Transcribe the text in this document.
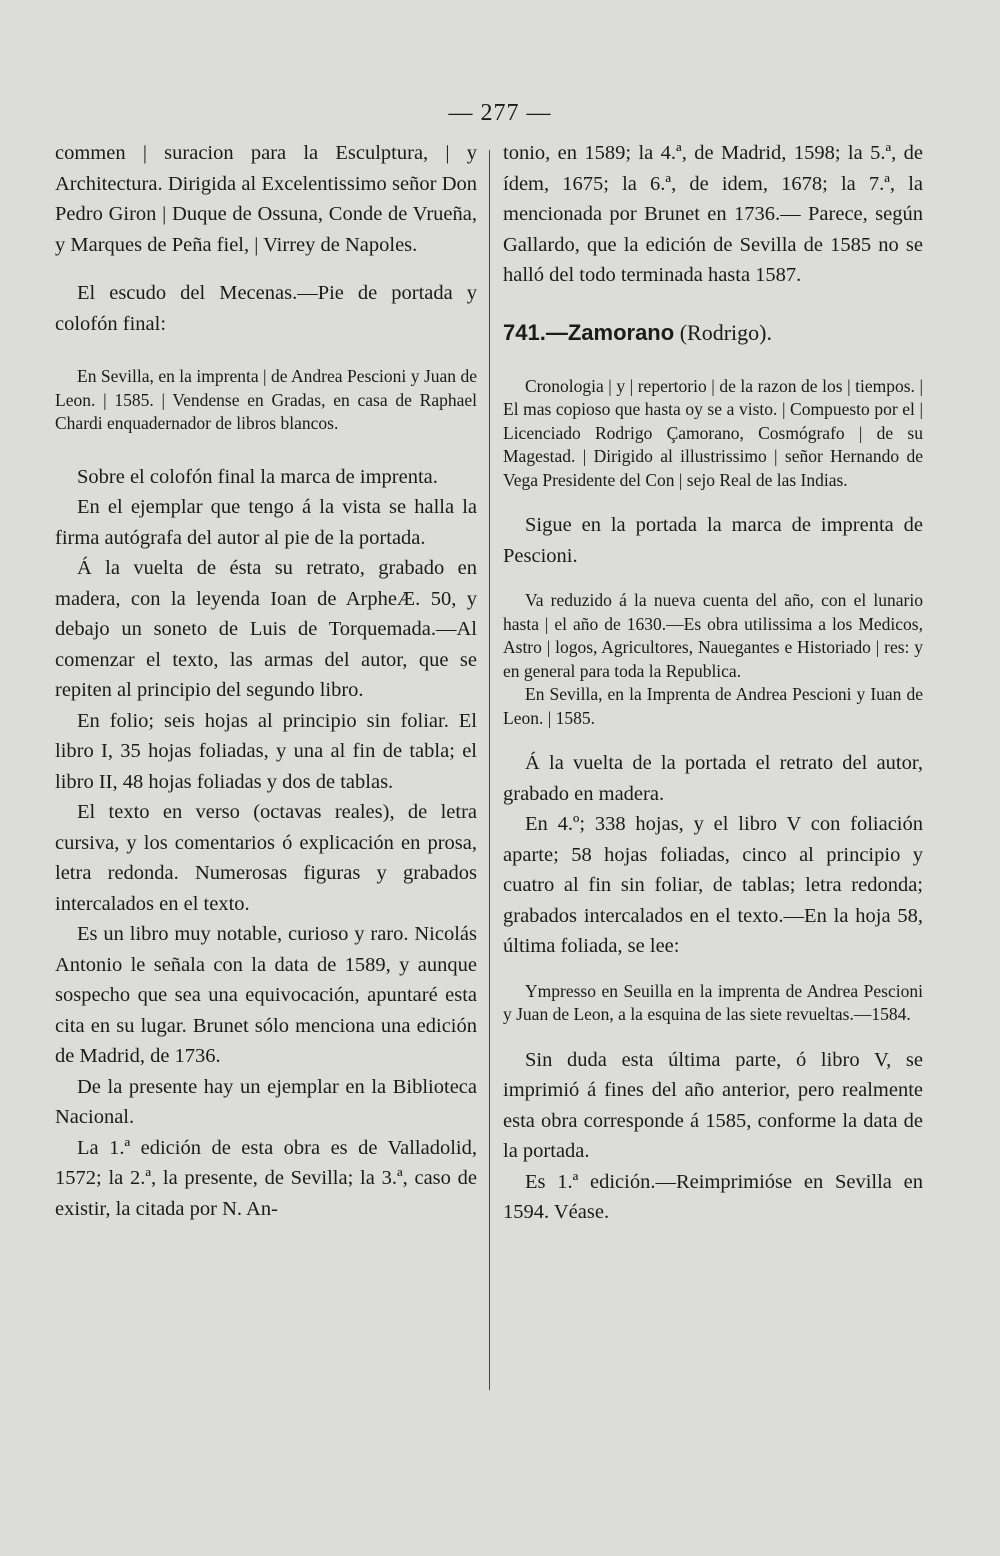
— 277 —

commen | suracion para la Esculptura, | y Architectura. Dirigida al Excelentissimo señor Don Pedro Giron | Duque de Ossuna, Conde de Vrueña, y Marques de Peña fiel, | Virrey de Napoles.

El escudo del Mecenas.—Pie de portada y colofón final:

En Sevilla, en la imprenta | de Andrea Pescioni y Juan de Leon. | 1585. | Vendense en Gradas, en casa de Raphael Chardi enquadernador de libros blancos.

Sobre el colofón final la marca de imprenta.

En el ejemplar que tengo á la vista se halla la firma autógrafa del autor al pie de la portada.

Á la vuelta de ésta su retrato, grabado en madera, con la leyenda Ioan de ArpheÆ. 50, y debajo un soneto de Luis de Torquemada.—Al comenzar el texto, las armas del autor, que se repiten al principio del segundo libro.

En folio; seis hojas al principio sin foliar. El libro I, 35 hojas foliadas, y una al fin de tabla; el libro II, 48 hojas foliadas y dos de tablas.

El texto en verso (octavas reales), de letra cursiva, y los comentarios ó explicación en prosa, letra redonda. Numerosas figuras y grabados intercalados en el texto.

Es un libro muy notable, curioso y raro. Nicolás Antonio le señala con la data de 1589, y aunque sospecho que sea una equivocación, apuntaré esta cita en su lugar. Brunet sólo menciona una edición de Madrid, de 1736.

De la presente hay un ejemplar en la Biblioteca Nacional.

La 1.ª edición de esta obra es de Valladolid, 1572; la 2.ª, la presente, de Sevilla; la 3.ª, caso de existir, la citada por N. An-

tonio, en 1589; la 4.ª, de Madrid, 1598; la 5.ª, de ídem, 1675; la 6.ª, de idem, 1678; la 7.ª, la mencionada por Brunet en 1736.— Parece, según Gallardo, que la edición de Sevilla de 1585 no se halló del todo terminada hasta 1587.

741.—Zamorano (Rodrigo).

Cronologia | y | repertorio | de la razon de los | tiempos. | El mas copioso que hasta oy se a visto. | Compuesto por el | Licenciado Rodrigo Çamorano, Cosmógrafo | de su Magestad. | Dirigido al illustrissimo | señor Hernando de Vega Presidente del Con | sejo Real de las Indias.

Sigue en la portada la marca de imprenta de Pescioni.

Va reduzido á la nueva cuenta del año, con el lunario hasta | el año de 1630.—Es obra utilissima a los Medicos, Astro | logos, Agricultores, Nauegantes e Historiado | res: y en general para toda la Republica.

En Sevilla, en la Imprenta de Andrea Pescioni y Iuan de Leon. | 1585.

Á la vuelta de la portada el retrato del autor, grabado en madera.

En 4.º; 338 hojas, y el libro V con foliación aparte; 58 hojas foliadas, cinco al principio y cuatro al fin sin foliar, de tablas; letra redonda; grabados intercalados en el texto.—En la hoja 58, última foliada, se lee:

Ympresso en Seuilla en la imprenta de Andrea Pescioni y Juan de Leon, a la esquina de las siete revueltas.—1584.

Sin duda esta última parte, ó libro V, se imprimió á fines del año anterior, pero realmente esta obra corresponde á 1585, conforme la data de la portada.

Es 1.ª edición.—Reimprimióse en Sevilla en 1594. Véase.
